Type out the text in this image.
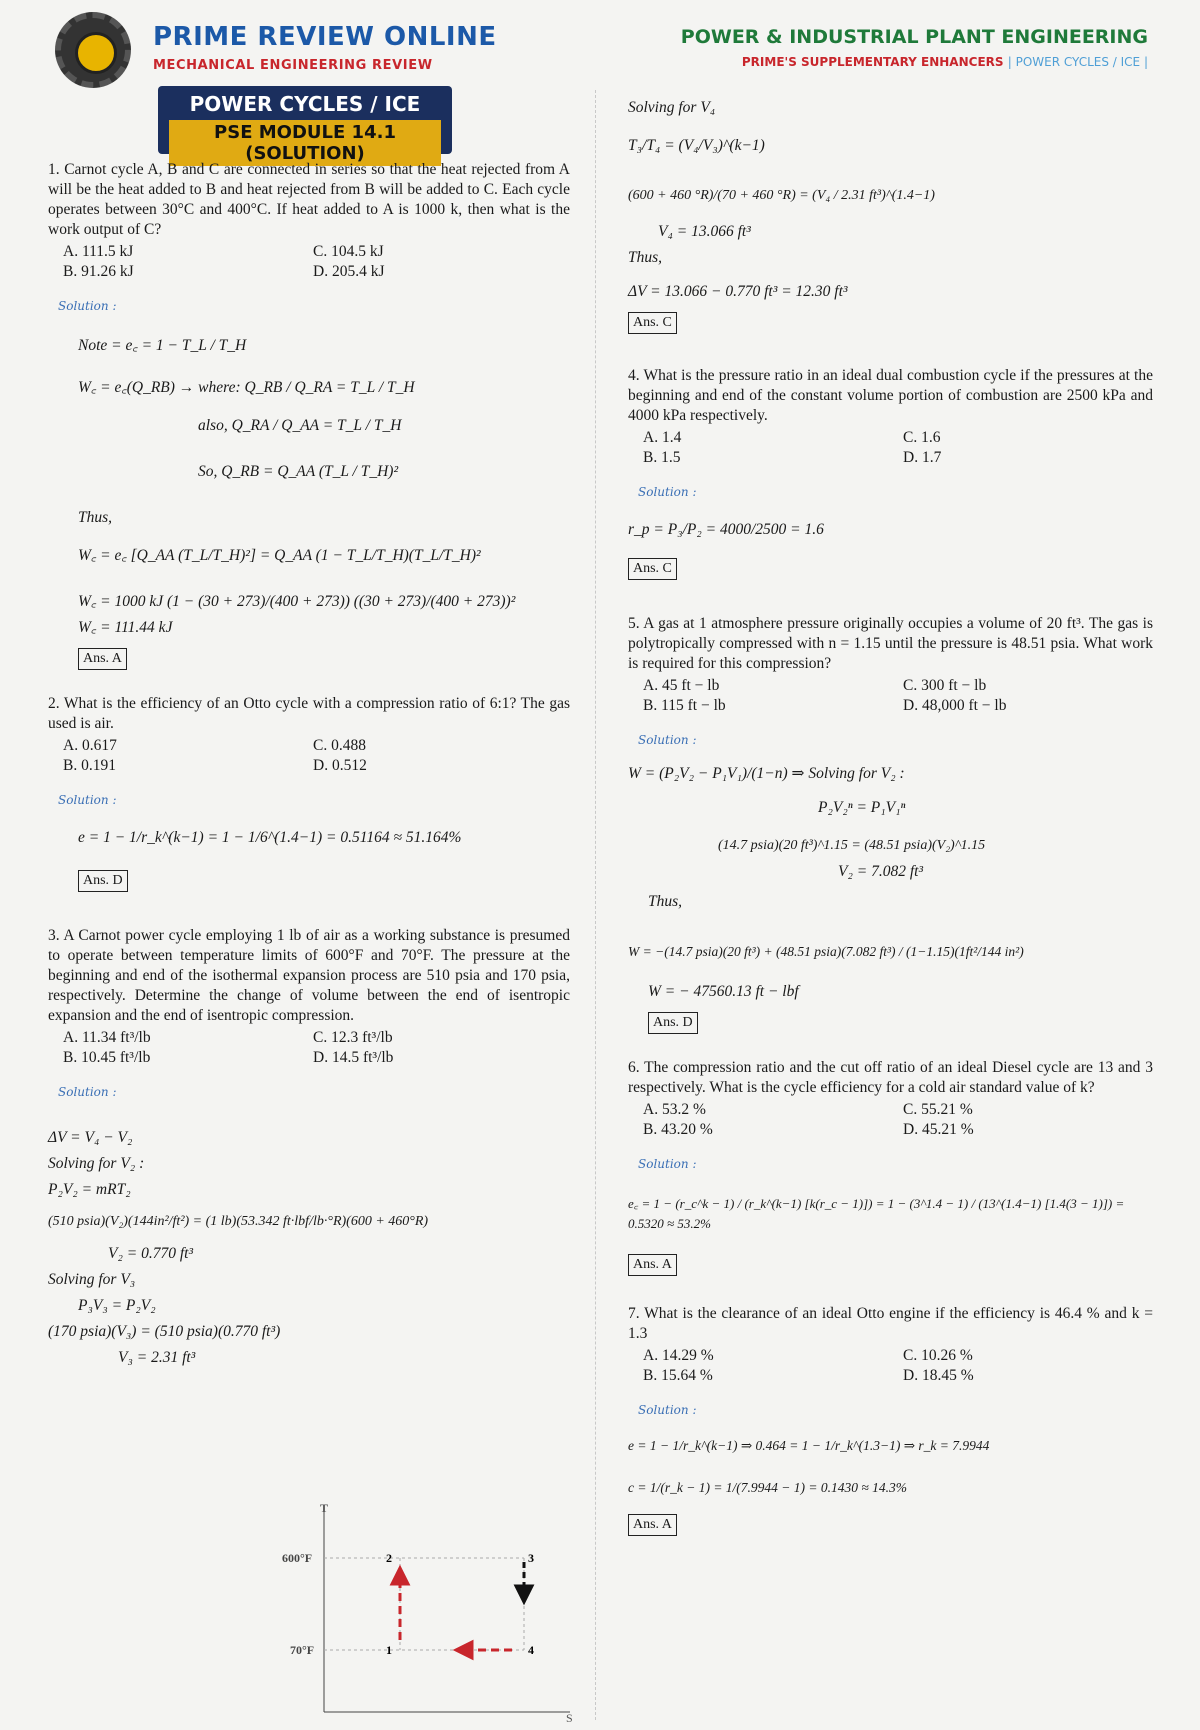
PRIME REVIEW ONLINE
MECHANICAL ENGINEERING REVIEW
POWER & INDUSTRIAL PLANT ENGINEERING
PRIME'S SUPPLEMENTARY ENHANCERS | POWER CYCLES / ICE |
POWER CYCLES / ICE
PSE MODULE 14.1 (SOLUTION)

1. Carnot cycle A, B and C are connected in series so that the heat rejected from A will be the heat added to B and heat rejected from B will be added to C. Each cycle operates between 30°C and 400°C. If heat added to A is 1000 k, then what is the work output of C?

A. 111.5 kJ	C. 104.5 kJ
B. 91.26 kJ	D. 205.4 kJ
Solution :
Note = e꜀ = 1 − T_L / T_H
W꜀ = e꜀(Q_RB) → where: Q_RB / Q_RA = T_L / T_H
also, Q_RA / Q_AA = T_L / T_H
So, Q_RB = Q_AA (T_L / T_H)²
Thus,
W꜀ = e꜀ [Q_AA (T_L/T_H)²] = Q_AA (1 − T_L/T_H)(T_L/T_H)²
W꜀ = 1000 kJ (1 − (30 + 273)/(400 + 273)) ((30 + 273)/(400 + 273))²
W꜀ = 111.44 kJ
Ans. A

2. What is the efficiency of an Otto cycle with a compression ratio of 6:1? The gas used is air.

A. 0.617	C. 0.488
B. 0.191	D. 0.512
Solution :
e = 1 − 1/r_k^(k−1) = 1 − 1/6^(1.4−1) = 0.51164 ≈ 51.164%
Ans. D

3. A Carnot power cycle employing 1 lb of air as a working substance is presumed to operate between temperature limits of 600°F and 70°F. The pressure at the beginning and end of the isothermal expansion process are 510 psia and 170 psia, respectively. Determine the change of volume between the end of isentropic expansion and the end of isentropic compression.

A. 11.34 ft³/lb	C. 12.3 ft³/lb
B. 10.45 ft³/lb	D. 14.5 ft³/lb
Solution :
ΔV = V₄ − V₂
Solving for V₂ :
P₂V₂ = mRT₂
(510 psia)(V₂)(144in²/ft²) = (1 lb)(53.342 ft·lbf/lb·°R)(600 + 460°R)
V₂ = 0.770 ft³
Solving for V₃
P₃V₃ = P₂V₂
(170 psia)(V₃) = (510 psia)(0.770 ft³)
V₃ = 2.31 ft³
T
S
600°F
70°F
2	3
1	4
Solving for V₄
T₃/T₄ = (V₄/V₃)^(k−1)
(600 + 460 °R)/(70 + 460 °R) = (V₄ / 2.31 ft³)^(1.4−1)
V₄ = 13.066 ft³
Thus,
ΔV = 13.066 − 0.770 ft³ = 12.30 ft³
Ans. C

4. What is the pressure ratio in an ideal dual combustion cycle if the pressures at the beginning and end of the constant volume portion of combustion are 2500 kPa and 4000 kPa respectively.

A. 1.4	C. 1.6
B. 1.5	D. 1.7
Solution :
r_p = P₃/P₂ = 4000/2500 = 1.6
Ans. C

5. A gas at 1 atmosphere pressure originally occupies a volume of 20 ft³. The gas is polytropically compressed with n = 1.15 until the pressure is 48.51 psia. What work is required for this compression?

A. 45 ft − lb	C. 300 ft − lb
B. 115 ft − lb	D. 48,000 ft − lb
Solution :
W = (P₂V₂ − P₁V₁)/(1−n) ⇒ Solving for V₂ :
P₂V₂ⁿ = P₁V₁ⁿ
(14.7 psia)(20 ft³)^1.15 = (48.51 psia)(V₂)^1.15
V₂ = 7.082 ft³
Thus,
W = −(14.7 psia)(20 ft³) + (48.51 psia)(7.082 ft³) / (1−1.15)(1ft²/144 in²)
W = − 47560.13 ft − lbf
Ans. D

6. The compression ratio and the cut off ratio of an ideal Diesel cycle are 13 and 3 respectively. What is the cycle efficiency for a cold air standard value of k?

A. 53.2 %	C. 55.21 %
B. 43.20 %	D. 45.21 %
Solution :
e꜀ = 1 − (r_c^k − 1) / (r_k^(k−1) [k(r_c − 1)]) = 1 − (3^1.4 − 1) / (13^(1.4−1) [1.4(3 − 1)]) = 0.5320 ≈ 53.2%
Ans. A

7. What is the clearance of an ideal Otto engine if the efficiency is 46.4 % and k = 1.3

A. 14.29 %	C. 10.26 %
B. 15.64 %	D. 18.45 %
Solution :
e = 1 − 1/r_k^(k−1) ⇒ 0.464 = 1 − 1/r_k^(1.3−1) ⇒ r_k = 7.9944
c = 1/(r_k − 1) = 1/(7.9944 − 1) = 0.1430 ≈ 14.3%
Ans. A
